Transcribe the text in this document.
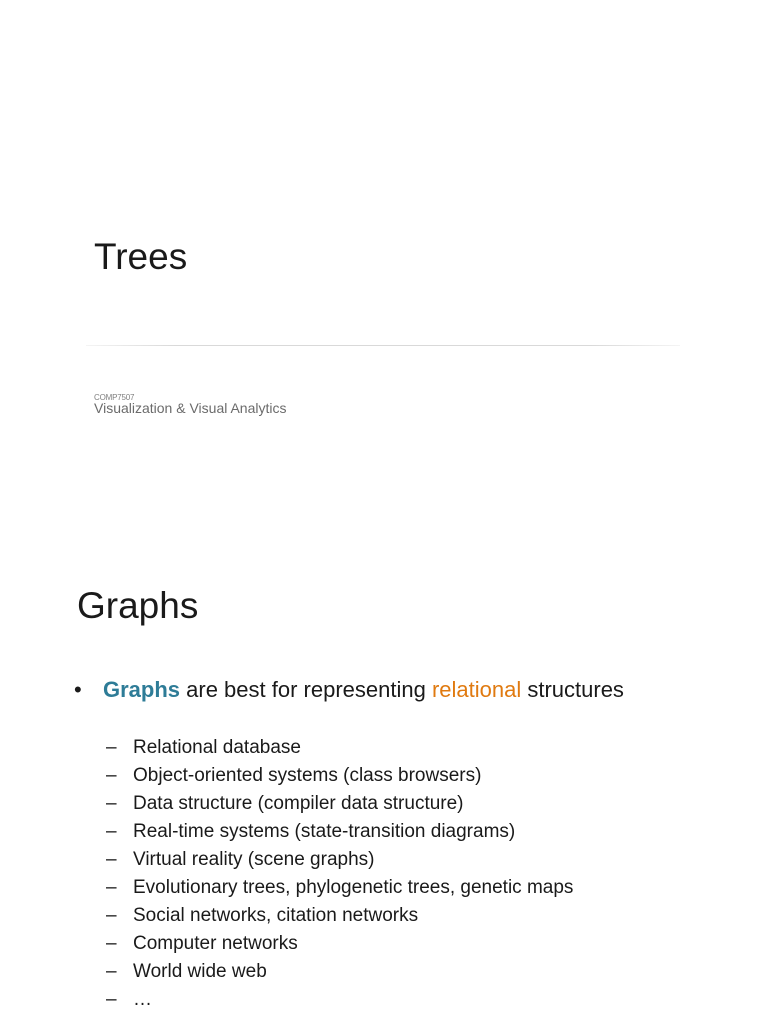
Trees
COMP7507
Visualization & Visual Analytics
Graphs
• Graphs are best for representing relational structures
– Relational database
– Object-oriented systems (class browsers)
– Data structure (compiler data structure)
– Real-time systems (state-transition diagrams)
– Virtual reality (scene graphs)
– Evolutionary trees, phylogenetic trees, genetic maps
– Social networks, citation networks
– Computer networks
– World wide web
– …
